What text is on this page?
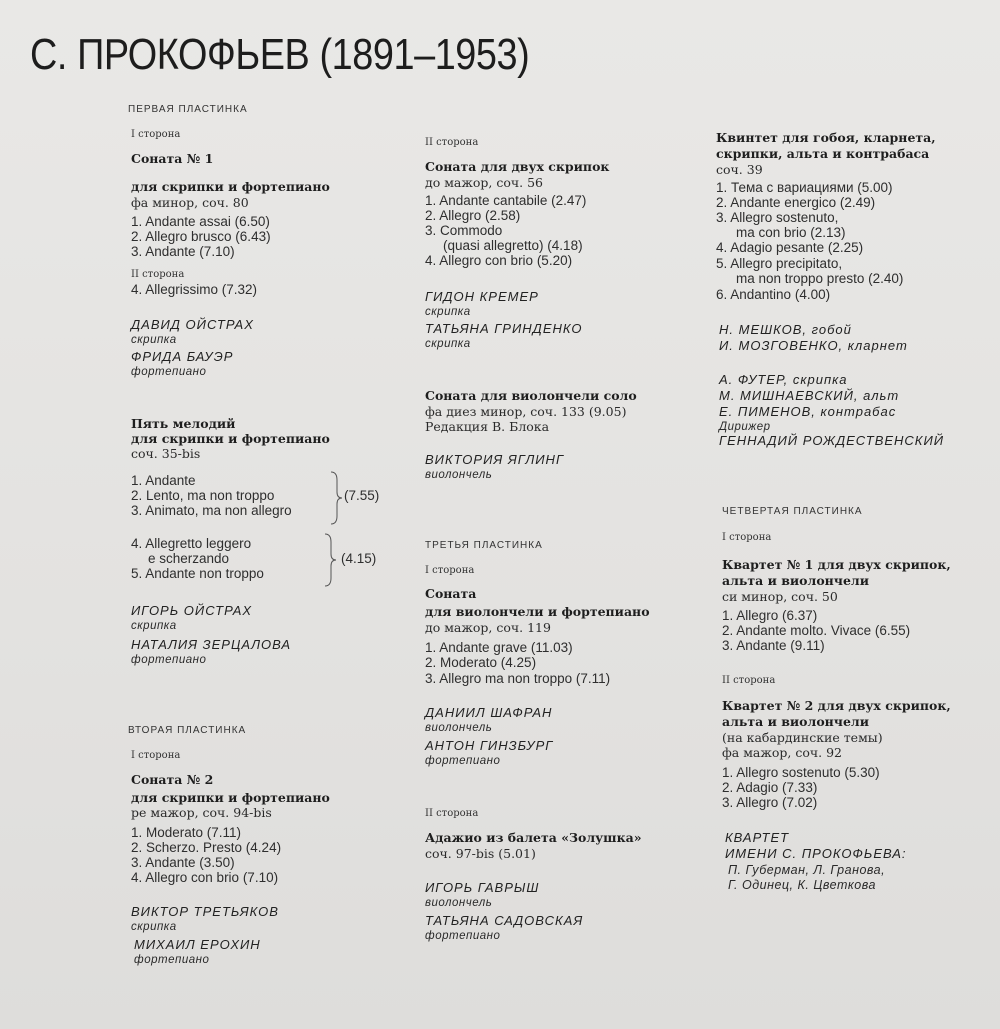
С. ПРОКОФЬЕВ (1891–1953)
ПЕРВАЯ ПЛАСТИНКА
I сторона
Соната № 1
для скрипки и фортепиано
фа минор, соч. 80
1. Andante assai (6.50)
2. Allegro brusco (6.43)
3. Andante (7.10)
II сторона
4. Allegrissimo (7.32)
ДАВИД ОЙСТРАХ
скрипка
ФРИДА БАУЭР
фортепиано
Пять мелодий
для скрипки и фортепиано
соч. 35-bis
1. Andante
2. Lento, ma non troppo
3. Animato, ma non allegro
(7.55)
4. Allegretto leggero
e scherzando
5. Andante non troppo
(4.15)
ИГОРЬ ОЙСТРАХ
скрипка
НАТАЛИЯ ЗЕРЦАЛОВА
фортепиано
ВТОРАЯ ПЛАСТИНКА
I сторона
Соната № 2
для скрипки и фортепиано
ре мажор, соч. 94-bis
1. Moderato (7.11)
2. Scherzo. Presto (4.24)
3. Andante (3.50)
4. Allegro con brio (7.10)
ВИКТОР ТРЕТЬЯКОВ
скрипка
МИХАИЛ ЕРОХИН
фортепиано
II сторона
Соната для двух скрипок
до мажор, соч. 56
1. Andante cantabile (2.47)
2. Allegro (2.58)
3. Commodo
(quasi allegretto) (4.18)
4. Allegro con brio (5.20)
ГИДОН КРЕМЕР
скрипка
ТАТЬЯНА ГРИНДЕНКО
скрипка
Соната для виолончели соло
фа диез минор, соч. 133 (9.05)
Редакция В. Блока
ВИКТОРИЯ ЯГЛИНГ
виолончель
ТРЕТЬЯ ПЛАСТИНКА
I сторона
Соната
для виолончели и фортепиано
до мажор, соч. 119
1. Andante grave (11.03)
2. Moderato (4.25)
3. Allegro ma non troppo (7.11)
ДАНИИЛ ШАФРАН
виолончель
АНТОН ГИНЗБУРГ
фортепиано
II сторона
Адажио из балета «Золушка»
соч. 97-bis (5.01)
ИГОРЬ ГАВРЫШ
виолончель
ТАТЬЯНА САДОВСКАЯ
фортепиано
Квинтет для гобоя, кларнета,
скрипки, альта и контрабаса
соч. 39
1. Тема с вариациями (5.00)
2. Andante energico (2.49)
3. Allegro sostenuto,
ma con brio (2.13)
4. Adagio pesante (2.25)
5. Allegro precipitato,
ma non troppo presto (2.40)
6. Andantino (4.00)
Н. МЕШКОВ, гобой
И. МОЗГОВЕНКО, кларнет
А. ФУТЕР, скрипка
М. МИШНАЕВСКИЙ, альт
Е. ПИМЕНОВ, контрабас
Дирижер
ГЕННАДИЙ РОЖДЕСТВЕНСКИЙ
ЧЕТВЕРТАЯ ПЛАСТИНКА
I сторона
Квартет № 1 для двух скрипок,
альта и виолончели
си минор, соч. 50
1. Allegro (6.37)
2. Andante molto. Vivace (6.55)
3. Andante (9.11)
II сторона
Квартет № 2 для двух скрипок,
альта и виолончели
(на кабардинские темы)
фа мажор, соч. 92
1. Allegro sostenuto (5.30)
2. Adagio (7.33)
3. Allegro (7.02)
КВАРТЕТ
ИМЕНИ С. ПРОКОФЬЕВА:
П. Губерман, Л. Гранова,
Г. Одинец, К. Цветкова
